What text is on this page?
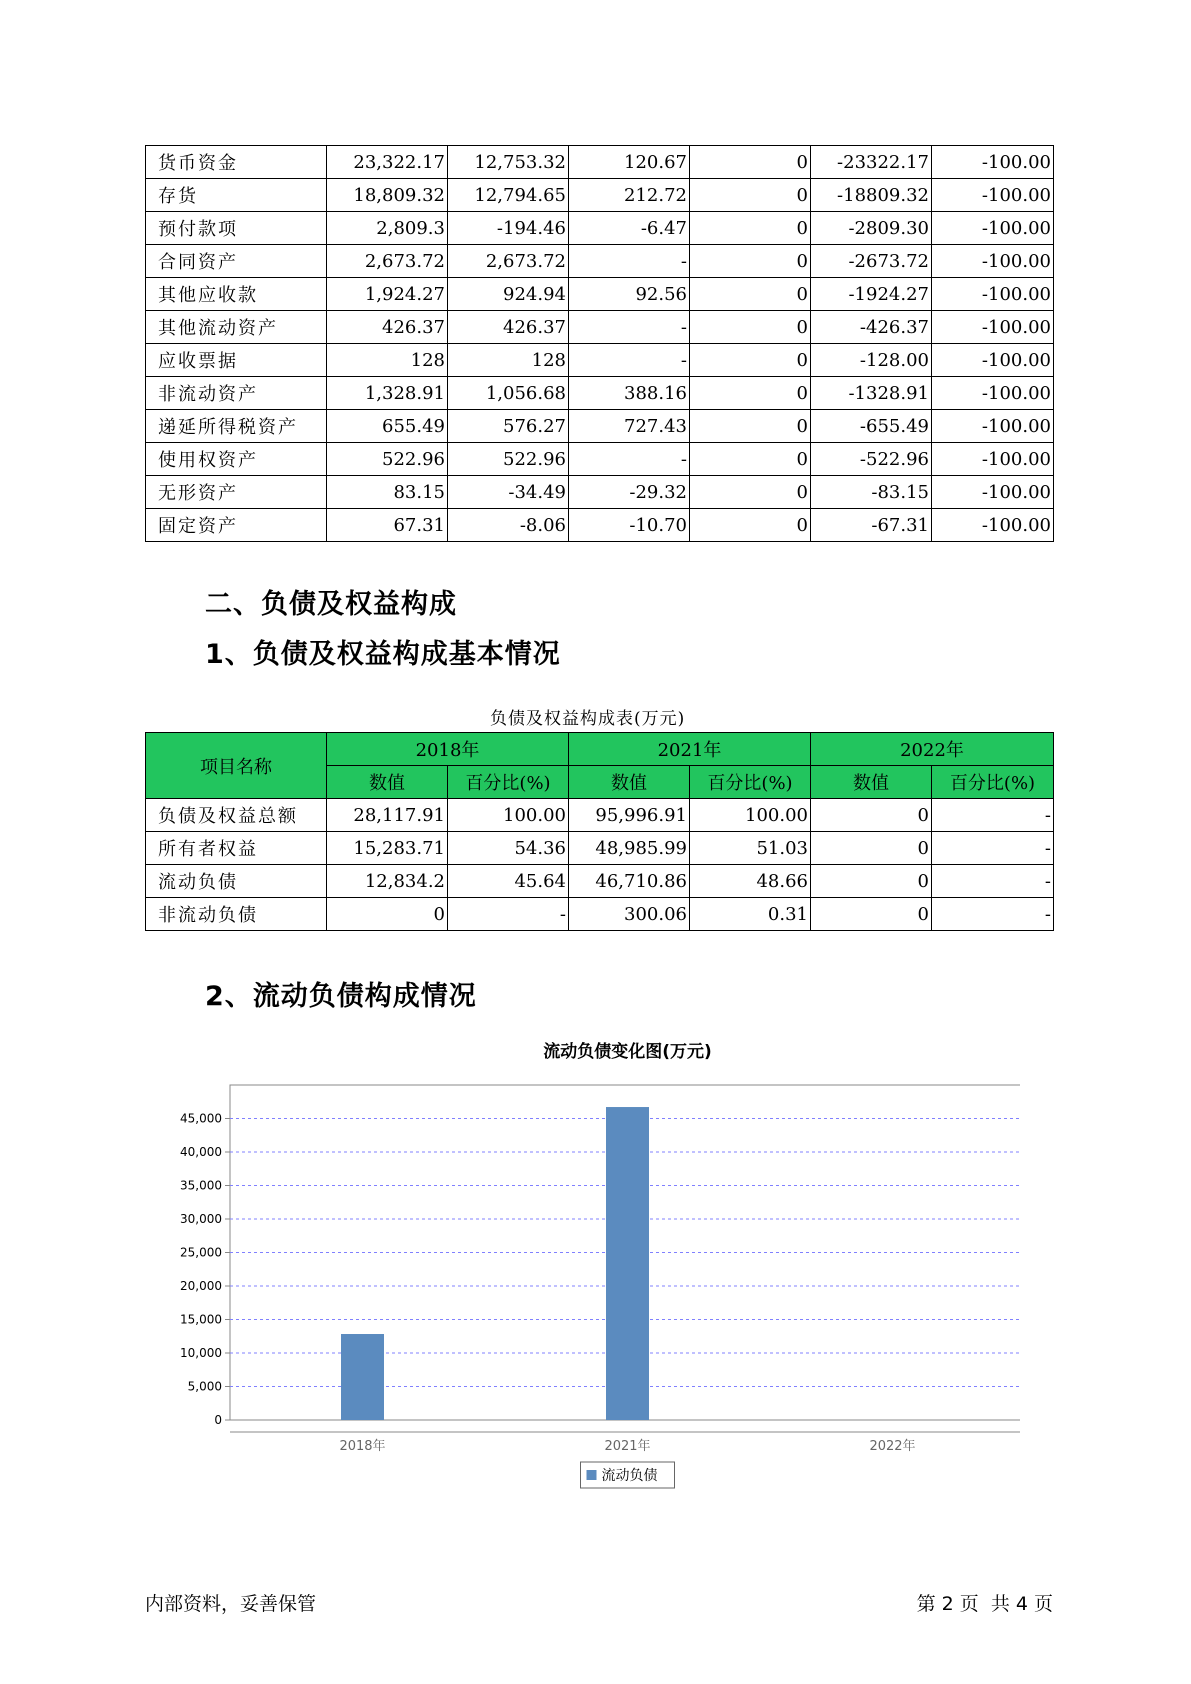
货币资金	23,322.17	12,753.32	120.67	0	-23322.17	-100.00
存货	18,809.32	12,794.65	212.72	0	-18809.32	-100.00
预付款项	2,809.3	-194.46	-6.47	0	-2809.30	-100.00
合同资产	2,673.72	2,673.72	-	0	-2673.72	-100.00
其他应收款	1,924.27	924.94	92.56	0	-1924.27	-100.00
其他流动资产	426.37	426.37	-	0	-426.37	-100.00
应收票据	128	128	-	0	-128.00	-100.00
非流动资产	1,328.91	1,056.68	388.16	0	-1328.91	-100.00
递延所得税资产	655.49	576.27	727.43	0	-655.49	-100.00
使用权资产	522.96	522.96	-	0	-522.96	-100.00
无形资产	83.15	-34.49	-29.32	0	-83.15	-100.00
固定资产	67.31	-8.06	-10.70	0	-67.31	-100.00
二、负债及权益构成
1、负债及权益构成基本情况
负债及权益构成表(万元)
项目名称	2018年		2021年		2022年	
	数值	百分比(%)	数值	百分比(%)	数值	百分比(%)
负债及权益总额	28,117.91	100.00	95,996.91	100.00	0	-
所有者权益	15,283.71	54.36	48,985.99	51.03	0	-
流动负债	12,834.2	45.64	46,710.86	48.66	0	-
非流动负债	0	-	300.06	0.31	0	-
2、流动负债构成情况
流动负债变化图(万元)
0
5,000
10,000
15,000
20,000
25,000
30,000
35,000
40,000
45,000
2018年	2021年	2022年
流动负债
内部资料，妥善保管	第 2 页  共 4 页
